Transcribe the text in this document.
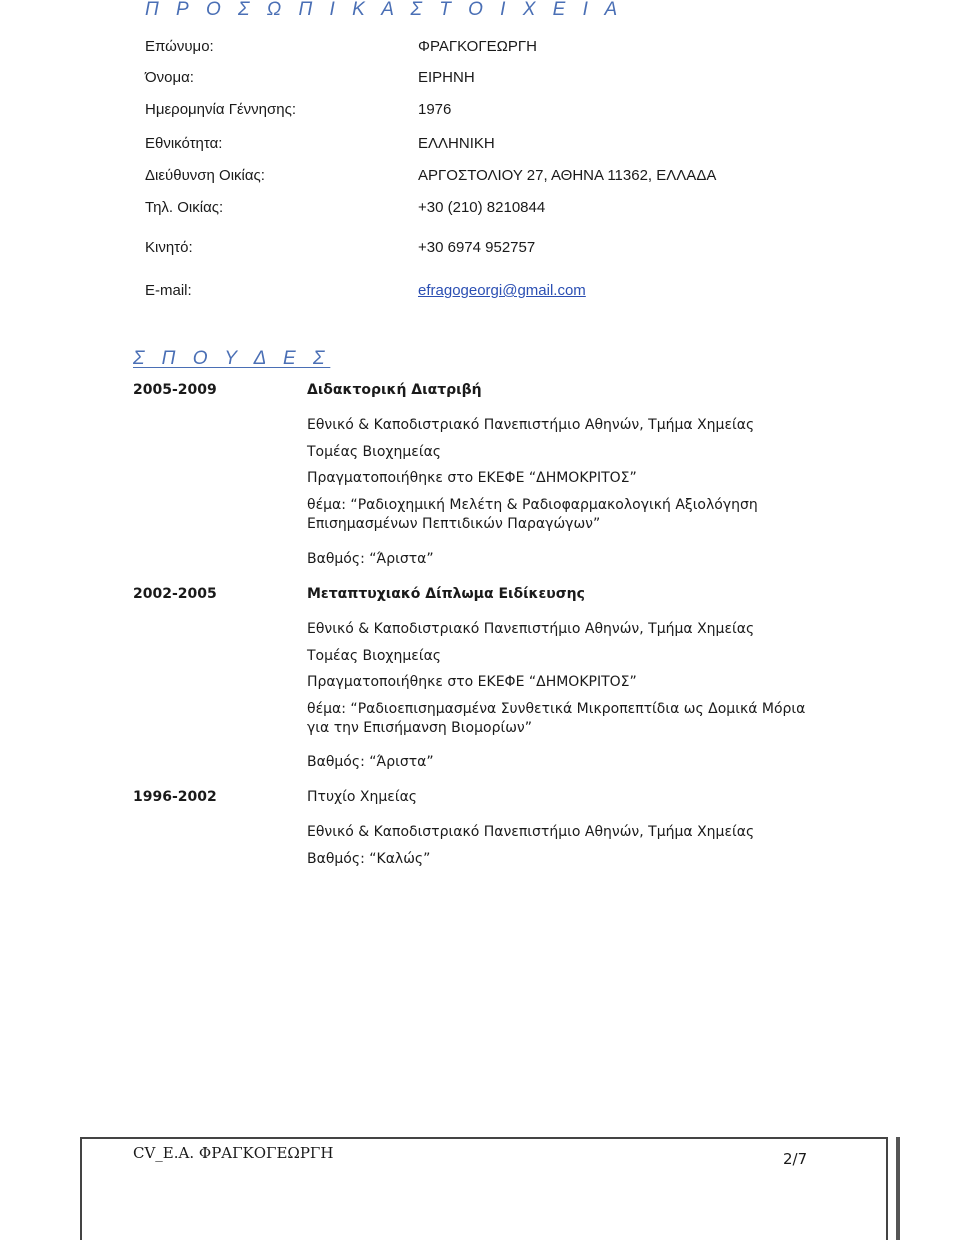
Π Ρ Ο Σ Ω Π Ι Κ Α Σ Τ Ο Ι Χ Ε Ι Α
Επώνυμο:	ΦΡΑΓΚΟΓΕΩΡΓΗ
Όνομα:	ΕΙΡΗΝΗ
Ημερομηνία Γέννησης:	1976
Εθνικότητα:	ΕΛΛΗΝΙΚΗ
Διεύθυνση Οικίας:	ΑΡΓΟΣΤΟΛΙΟΥ 27, ΑΘΗΝΑ 11362, ΕΛΛΑΔΑ
Τηλ. Οικίας:	+30 (210) 8210844
Κινητό:	+30 6974 952757
E-mail:	efragogeorgi@gmail.com
Σ Π Ο Υ Δ Ε Σ
2005-2009	Διδακτορική Διατριβή
Εθνικό & Καποδιστριακό Πανεπιστήμιο Αθηνών, Τμήμα Χημείας
Τομέας Βιοχημείας
Πραγματοποιήθηκε στο ΕΚΕΦΕ “ΔΗΜΟΚΡΙΤΟΣ”
θέμα: “Ραδιοχημική Μελέτη & Ραδιοφαρμακολογική Αξιολόγηση
Επισημασμένων Πεπτιδικών Παραγώγων”
Βαθμός: “Άριστα”
2002-2005	Μεταπτυχιακό Δίπλωμα Ειδίκευσης
Εθνικό & Καποδιστριακό Πανεπιστήμιο Αθηνών, Τμήμα Χημείας
Τομέας Βιοχημείας
Πραγματοποιήθηκε στο ΕΚΕΦΕ “ΔΗΜΟΚΡΙΤΟΣ”
θέμα: “Ραδιοεπισημασμένα Συνθετικά Μικροπεπτίδια ως Δομικά Μόρια
για την Επισήμανση Βιομορίων”
Βαθμός: “Άριστα”
1996-2002	Πτυχίο Χημείας
Εθνικό & Καποδιστριακό Πανεπιστήμιο Αθηνών, Τμήμα Χημείας
Βαθμός: “Καλώς”
CV_Ε.Α. ΦΡΑΓΚΟΓΕΩΡΓΗ	2/7
